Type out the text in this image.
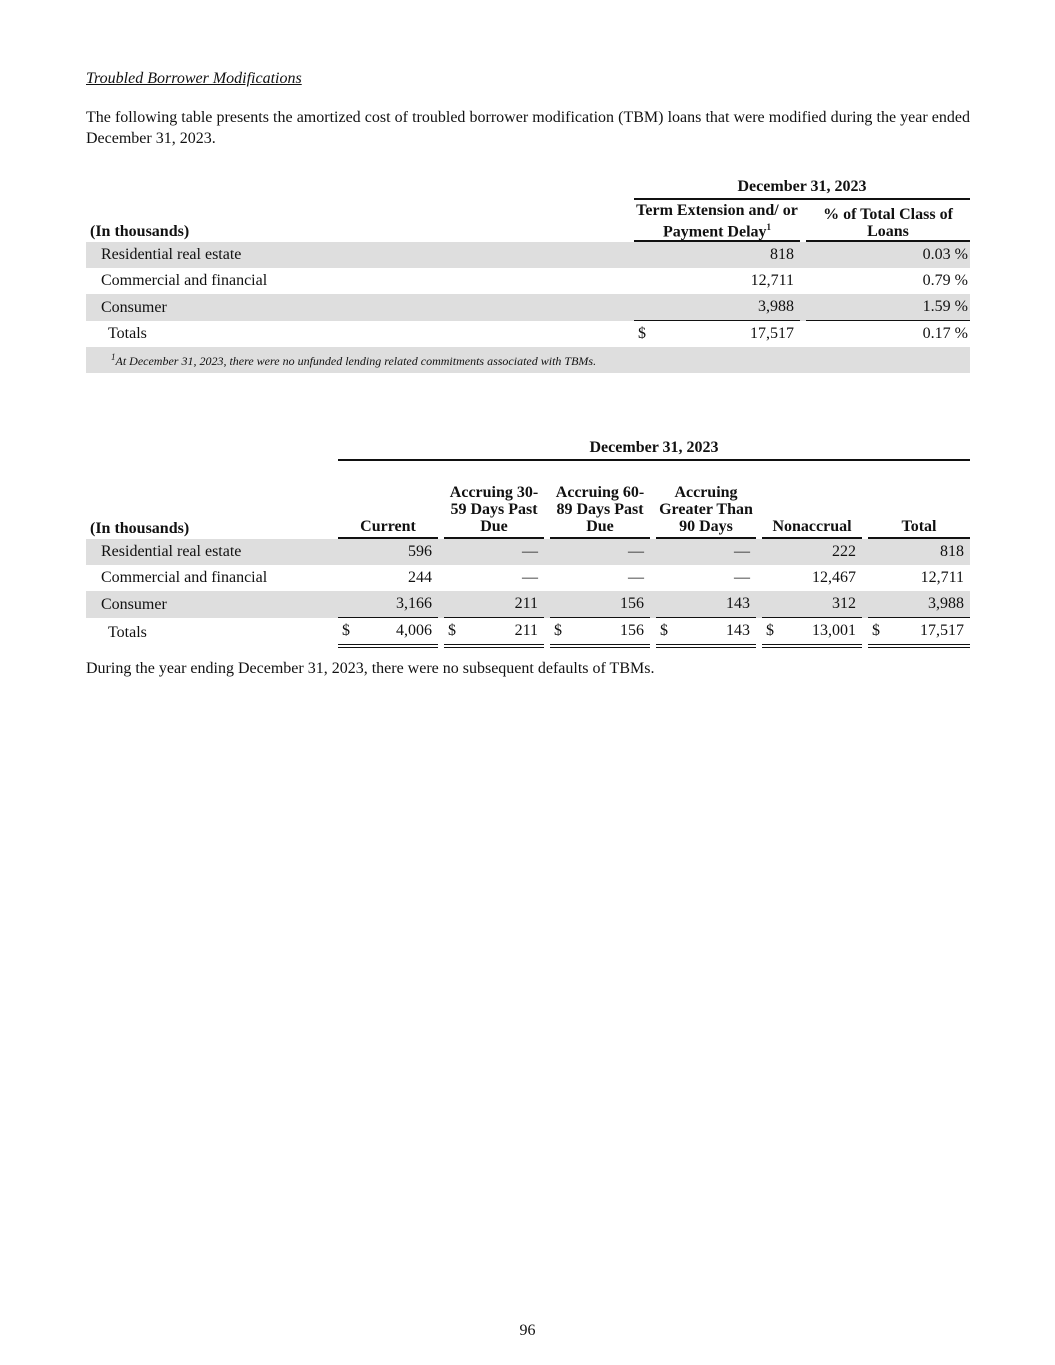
Troubled Borrower Modifications
The following table presents the amortized cost of troubled borrower modification (TBM) loans that were modified during the year ended December 31, 2023.
	December 31, 2023		
(In thousands)	Term Extension and/ or Payment Delay$^1$		% of Total Class of Loans
Residential real estate	818		0.03 %
Commercial and financial	12,711		0.79 %
Consumer	3,988		1.59 %
Totals	$ 17,517		0.17 %
$^1$At December 31, 2023, there were no unfunded lending related commitments associated with TBMs.			
	December 31, 2023										
(In thousands)	Current		Accruing 30-59 Days Past Due		Accruing 60-89 Days Past Due		Accruing Greater Than 90 Days		Nonaccrual		Total
Residential real estate	596		—		—		—		222		818
Commercial and financial	244		—		—		—		12,467		12,711
Consumer	3,166		211		156		143		312		3,988
Totals	$ 4,006		$ 211		$ 156		$ 143		$ 13,001		$ 17,517
During the year ending December 31, 2023, there were no subsequent defaults of TBMs.
96
